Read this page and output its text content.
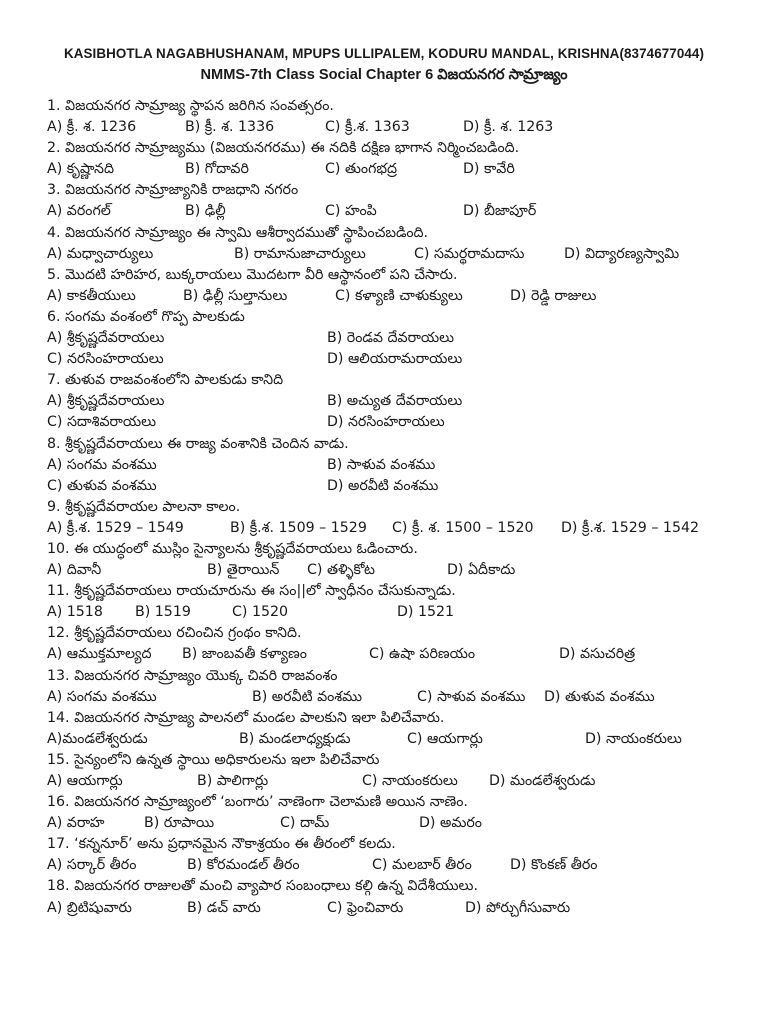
KASIBHOTLA NAGABHUSHANAM, MPUPS ULLIPALEM, KODURU MANDAL, KRISHNA(8374677044)
NMMS-7th Class Social Chapter 6 విజయనగర సామ్రాజ్యం
1. విజయనగర సామ్రాజ్య స్థాపన జరిగిన సంవత్సరం.
A) క్రీ. శ. 1236	B) క్రీ. శ. 1336	C) క్రీ.శ. 1363	D) క్రీ. శ. 1263
2. విజయనగర సామ్రాజ్యము (విజయనగరము) ఈ నదికి దక్షిణ భాగాన నిర్మించబడింది.
A) కృష్ణానది	B) గోదావరి	C) తుంగభద్ర	D) కావేరి
3. విజయనగర సామ్రాజ్యానికి రాజధాని నగరం
A) వరంగల్	B) ఢిల్లీ	C) హంపి	D) బీజాపూర్
4. విజయనగర సామ్రాజ్యం ఈ స్వామి ఆశీర్వాదముతో స్థాపించబడింది.
A) మధ్వాచార్యులు	B) రామానుజాచార్యులు	C) సమర్థరామదాసు	D) విద్యారణ్యస్వామి
5. మొదటి హరిహర, బుక్కరాయలు మొదటగా వీరి ఆస్థానంలో పని చేసారు.
A) కాకతీయులు	B) ఢిల్లీ సుల్తానులు	C) కళ్యాణి చాళుక్యులు	D) రెడ్డి రాజులు
6. సంగమ వంశంలో గొప్ప పాలకుడు
A) శ్రీకృష్ణదేవరాయలు	B) రెండవ దేవరాయలు
C) నరసింహరాయలు	D) ఆలియరామరాయలు
7. తుళువ రాజవంశంలోని పాలకుడు కానిది
A) శ్రీకృష్ణదేవరాయలు	B) అచ్యుత దేవరాయలు
C) సదాశివరాయలు	D) నరసింహరాయలు
8. శ్రీకృష్ణదేవరాయలు ఈ రాజ్య వంశానికి చెందిన వాడు.
A) సంగమ వంశము	B) సాళువ వంశము
C) తుళువ వంశము	D) అరవీటి వంశము
9. శ్రీకృష్ణదేవరాయల పాలనా కాలం.
A) క్రీ.శ. 1529 – 1549	B) క్రీ.శ. 1509 – 1529 C) క్రీ. శ. 1500 – 1520 D) క్రీ.శ. 1529 – 1542
10. ఈ యుద్ధంలో ముస్లిం సైన్యాలను శ్రీకృష్ణదేవరాయలు ఓడించారు.
A) దివానీ	B) తైరాయిన్ C) తళ్ళికోట	D) ఏదీకాదు
11. శ్రీకృష్ణదేవరాయలు రాయచూరును ఈ సం||లో స్వాధీనం చేసుకున్నాడు.
A) 1518 B) 1519	C) 1520	D) 1521
12. శ్రీకృష్ణదేవరాయలు రచించిన గ్రంథం కానిది.
A) ఆముక్తమాల్యద B) జాంబవతీ కళ్యాణం	C) ఉషా పరిణయం	D) వసుచరిత్ర
13. విజయనగర సామ్రాజ్యం యొక్క చివరి రాజవంశం
A) సంగమ వంశము	B) అరవీటి వంశము	C) సాళువ వంశము D) తుళువ వంశము
14. విజయనగర సామ్రాజ్య పాలనలో మండల పాలకుని ఇలా పిలిచేవారు.
A)మండలేశ్వరుడు	B) మండలాధ్యక్షుడు	C) ఆయగార్లు	D) నాయంకరులు
15. సైన్యంలోని ఉన్నత స్థాయి అధికారులను ఇలా పిలిచేవారు
A) ఆయగార్లు	B) పాలిగార్లు	C) నాయంకరులు D) మండలేశ్వరుడు
16. విజయనగర సామ్రాజ్యంలో ‘బంగారు’ నాణెంగా చెలామణి అయిన నాణెం.
A) వరాహ	B) రూపాయి	C) దామ్	D) అమరం
17. ‘కన్ననూర్’ అను ప్రధానమైన నౌకాశ్రయం ఈ తీరంలో కలదు.
A) సర్కార్ తీరం	B) కోరమండల్ తీరం	C) మలబార్ తీరం	D) కొంకణ్ తీరం
18. విజయనగర రాజులతో మంచి వ్యాపార సంబంధాలు కల్గి ఉన్న విదేశీయులు.
A) బ్రిటిషువారు	B) డచ్ వారు	C) ఫ్రెంచివారు	D) పోర్చుగీసువారు
